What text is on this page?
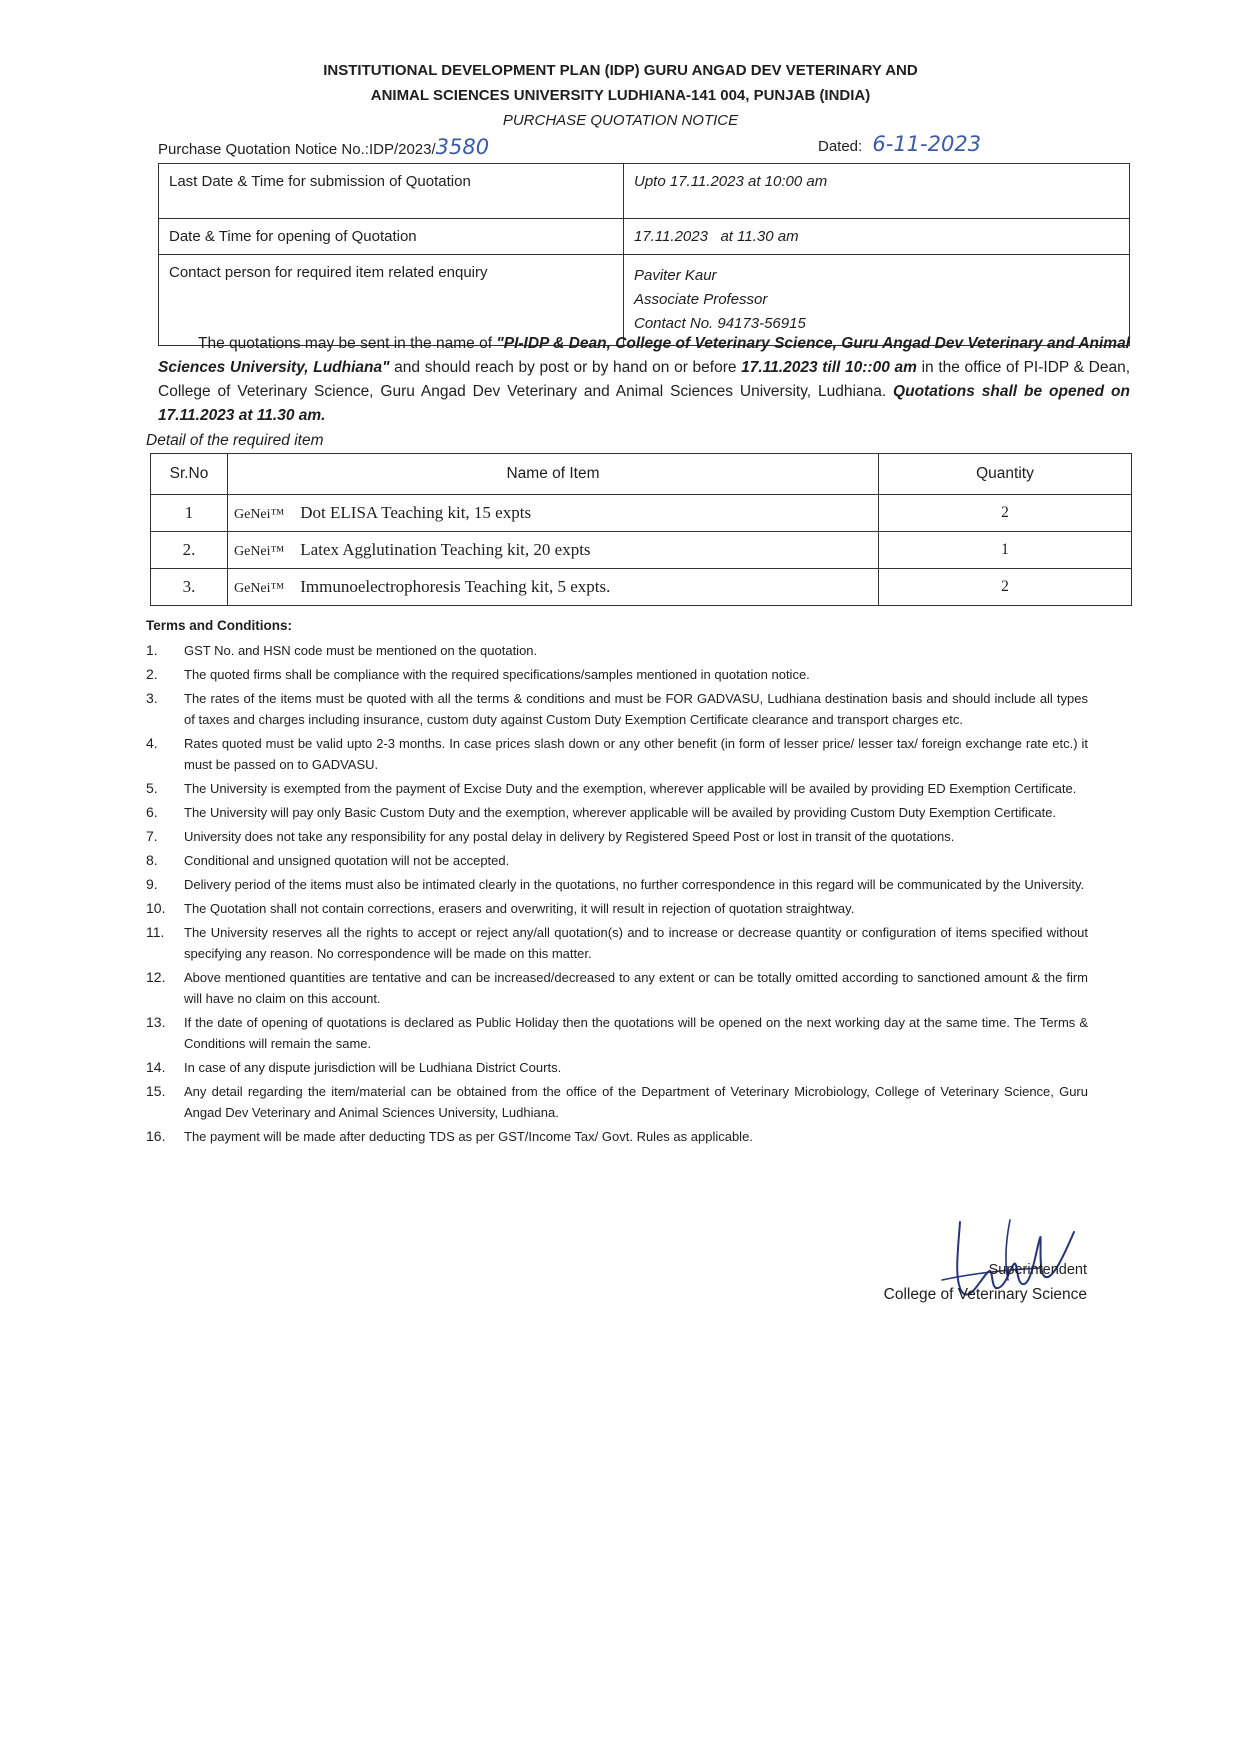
INSTITUTIONAL DEVELOPMENT PLAN (IDP) GURU ANGAD DEV VETERINARY AND
ANIMAL SCIENCES UNIVERSITY LUDHIANA-141 004, PUNJAB (INDIA)
PURCHASE QUOTATION NOTICE
Purchase Quotation Notice No.:IDP/2023/3580	Dated: 6-11-2023
Last Date & Time for submission of Quotation	Upto 17.11.2023 at 10:00 am
Date & Time for opening of Quotation	17.11.2023   at 11.30 am
Contact person for required item related enquiry	Paviter Kaur
Associate Professor
Contact No. 94173-56915
The quotations may be sent in the name of "PI-IDP & Dean, College of Veterinary Science, Guru Angad Dev Veterinary and Animal Sciences University, Ludhiana" and should reach by post or by hand on or before 17.11.2023 till 10::00 am in the office of PI-IDP & Dean, College of Veterinary Science, Guru Angad Dev Veterinary and Animal Sciences University, Ludhiana. Quotations shall be opened on 17.11.2023 at 11.30 am.
Detail of the required item
Sr.No	Name of Item	Quantity
1	GeNei™ Dot ELISA Teaching kit, 15 expts	2
2.	GeNei™ Latex Agglutination Teaching kit, 20 expts	1
3.	GeNei™ Immunoelectrophoresis Teaching kit, 5 expts.	2
Terms and Conditions:
1.	GST No. and HSN code must be mentioned on the quotation.
2.	The quoted firms shall be compliance with the required specifications/samples mentioned in quotation notice.
3.	The rates of the items must be quoted with all the terms & conditions and must be FOR GADVASU, Ludhiana destination basis and should include all types of taxes and charges including insurance, custom duty against Custom Duty Exemption Certificate clearance and transport charges etc.
4.	Rates quoted must be valid upto 2-3 months. In case prices slash down or any other benefit (in form of lesser price/ lesser tax/ foreign exchange rate etc.) it must be passed on to GADVASU.
5.	The University is exempted from the payment of Excise Duty and the exemption, wherever applicable will be availed by providing ED Exemption Certificate.
6.	The University will pay only Basic Custom Duty and the exemption, wherever applicable will be availed by providing Custom Duty Exemption Certificate.
7.	University does not take any responsibility for any postal delay in delivery by Registered Speed Post or lost in transit of the quotations.
8.	Conditional and unsigned quotation will not be accepted.
9.	Delivery period of the items must also be intimated clearly in the quotations, no further correspondence in this regard will be communicated by the University.
10.	The Quotation shall not contain corrections, erasers and overwriting, it will result in rejection of quotation straightway.
11.	The University reserves all the rights to accept or reject any/all quotation(s) and to increase or decrease quantity or configuration of items specified without specifying any reason. No correspondence will be made on this matter.
12.	Above mentioned quantities are tentative and can be increased/decreased to any extent or can be totally omitted according to sanctioned amount & the firm will have no claim on this account.
13.	If the date of opening of quotations is declared as Public Holiday then the quotations will be opened on the next working day at the same time. The Terms & Conditions will remain the same.
14.	In case of any dispute jurisdiction will be Ludhiana District Courts.
15.	Any detail regarding the item/material can be obtained from the office of the Department of Veterinary Microbiology, College of Veterinary Science, Guru Angad Dev Veterinary and Animal Sciences University, Ludhiana.
16.	The payment will be made after deducting TDS as per GST/Income Tax/ Govt. Rules as applicable.
Superintendent
College of Veterinary Science
